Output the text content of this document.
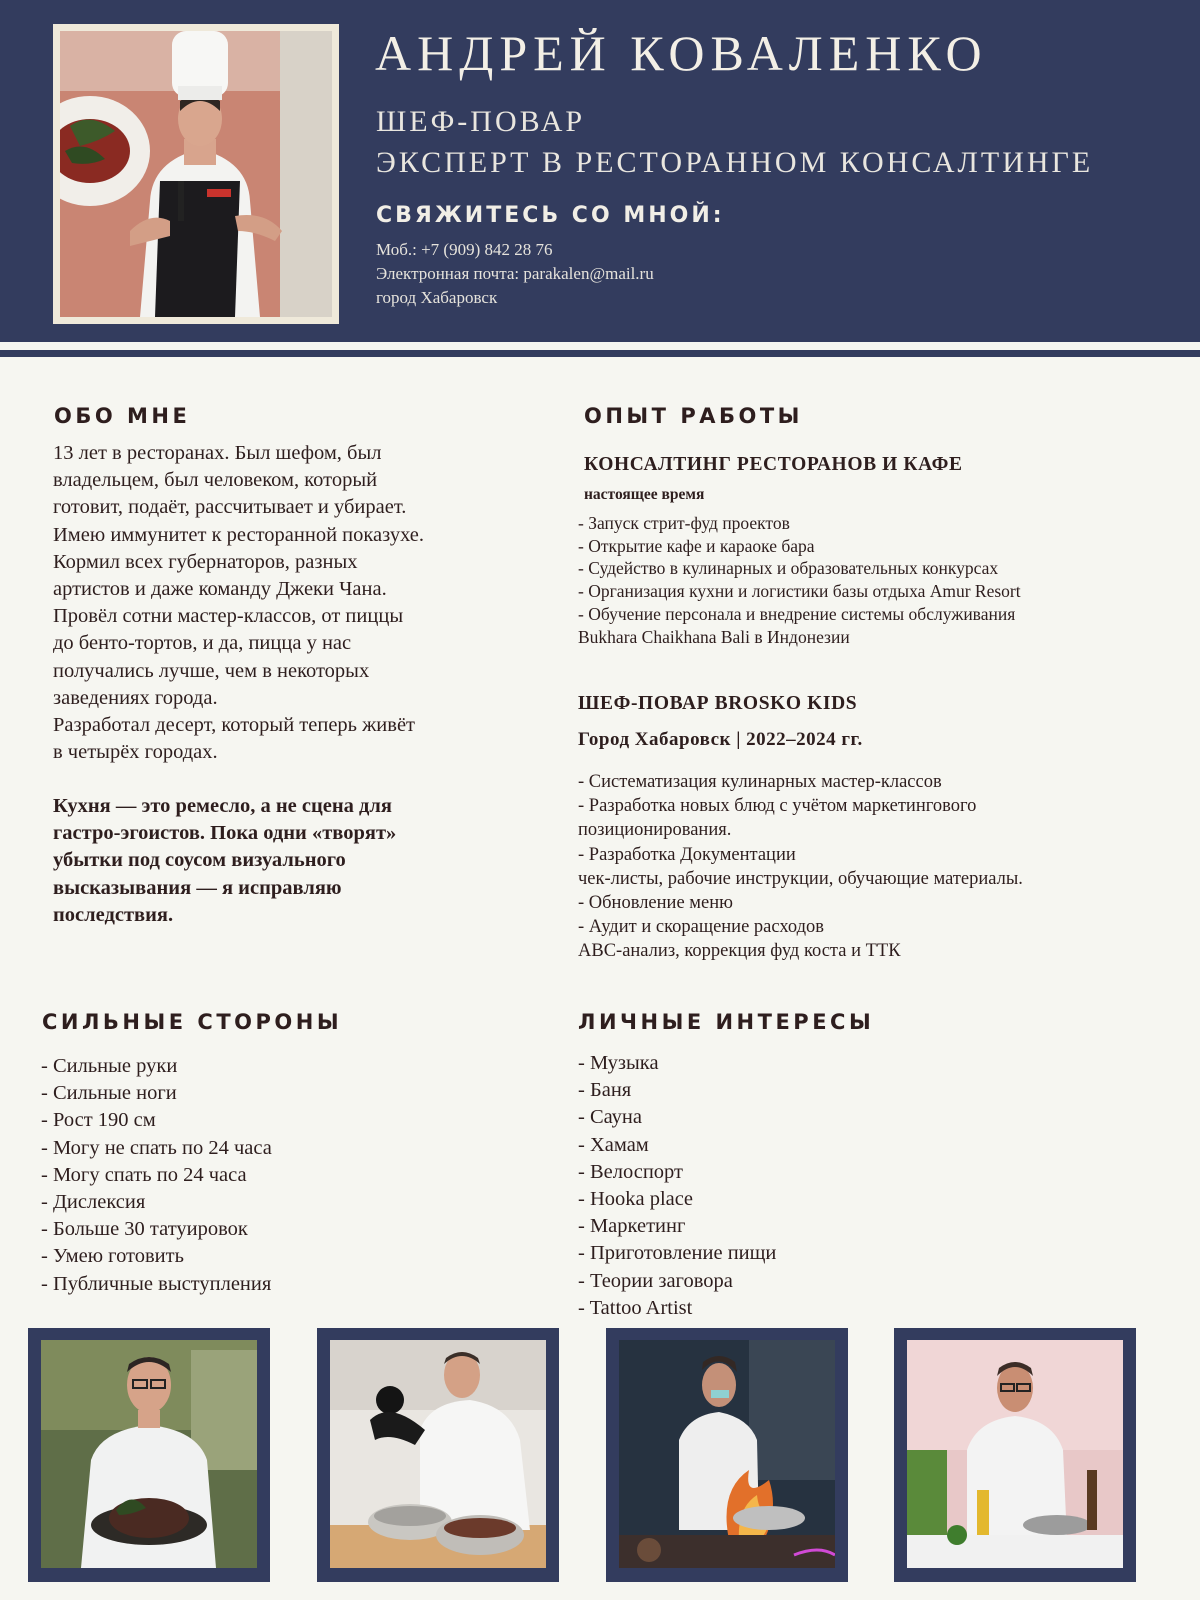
АНДРЕЙ КОВАЛЕНКО

ШЕФ-ПОВАР

ЭКСПЕРТ В РЕСТОРАННОМ КОНСАЛТИНГЕ

СВЯЖИТЕСЬ СО МНОЙ:

Моб.: +7 (909) 842 28 76

Электронная почта: parakalen@mail.ru

город Хабаровск

ОБО МНЕ

13 лет в ресторанах. Был шефом, был

владельцем, был человеком, который

готовит, подаёт, рассчитывает и убирает.

Имею иммунитет к ресторанной показухе.

Кормил всех губернаторов, разных

артистов и даже команду Джеки Чана.

Провёл сотни мастер-классов, от пиццы

до бенто-тортов, и да, пицца у нас

получались лучше, чем в некоторых

заведениях города.

Разработал десерт, который теперь живёт

в четырёх городах.

Кухня — это ремесло, а не сцена для

гастро-эгоистов. Пока одни «творят»

убытки под соусом визуального

высказывания — я исправляю

последствия.

ОПЫТ РАБОТЫ

КОНСАЛТИНГ РЕСТОРАНОВ И КАФЕ

настоящее время

- Запуск стрит-фуд проектов
- Открытие кафе и караоке бара
- Судейство в кулинарных и образовательных конкурсах
- Организация кухни и логистики базы отдыха Amur Resort
- Обучение персонала и внедрение системы обслуживания
Bukhara Chaikhana Bali в Индонезии

ШЕФ-ПОВАР BROSKO KIDS

Город Хабаровск | 2022–2024 гг.

- Систематизация кулинарных мастер-классов
- Разработка новых блюд с учётом маркетингового
позиционирования.
- Разработка Документации
чек-листы, рабочие инструкции, обучающие материалы.
- Обновление меню
- Аудит и скоращение расходов
ABC-анализ, коррекция фуд коста и ТТК
СИЛЬНЫЕ СТОРОНЫ
- Сильные руки
- Сильные ноги
- Рост 190 см
- Могу не спать по 24 часа
- Могу спать по 24 часа
- Дислексия
- Больше 30 татуировок
- Умею готовить
- Публичные выступления
ЛИЧНЫЕ ИНТЕРЕСЫ
- Музыка
- Баня
- Сауна
- Хамам
- Велоспорт
- Hooka place
- Маркетинг
- Приготовление пищи
- Теории заговора
- Tattoo Artist
